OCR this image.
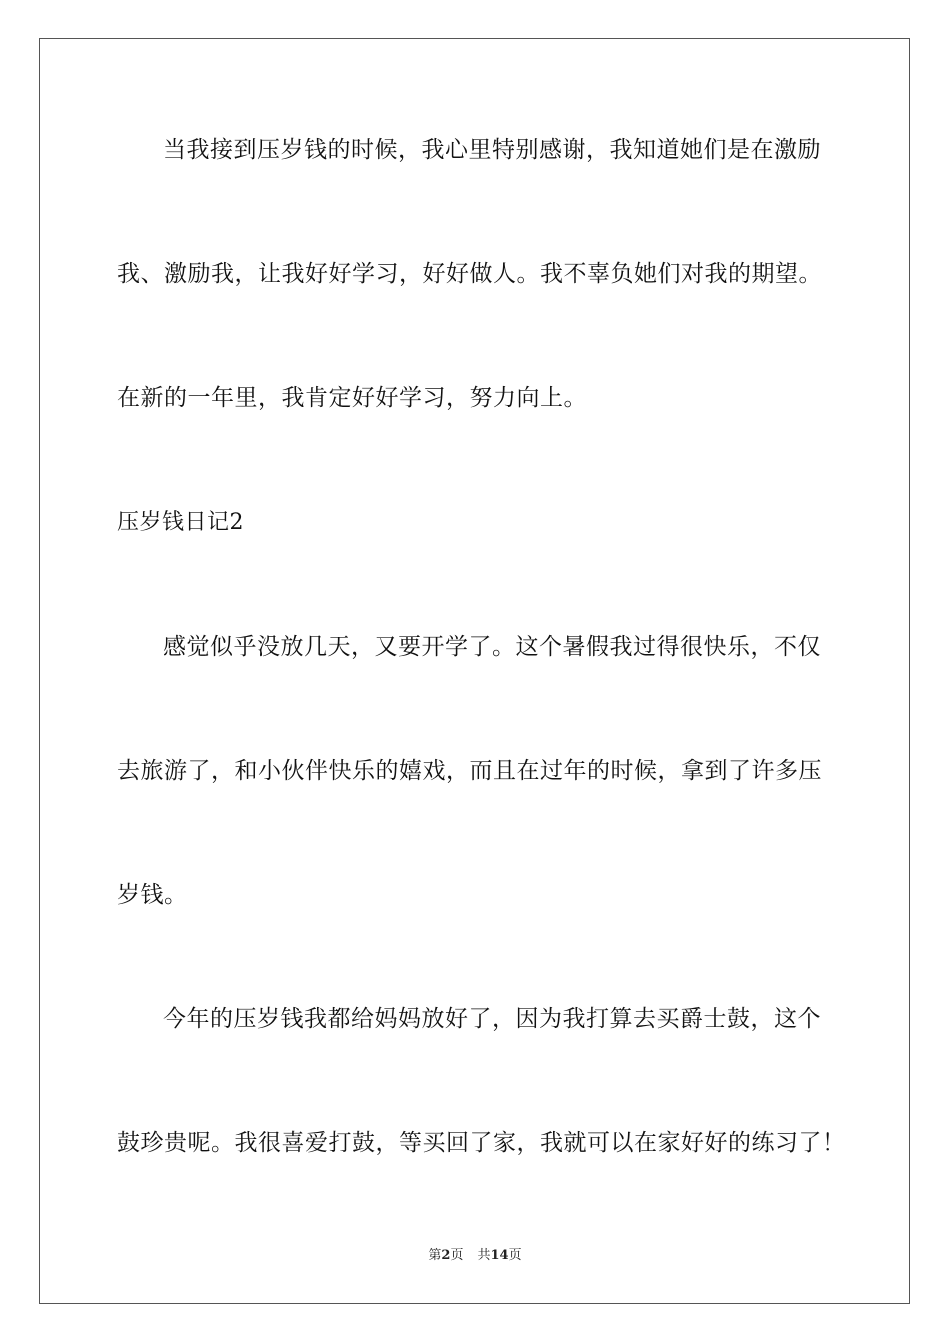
当我接到压岁钱的时候，我心里特别感谢，我知道她们是在激励
我、激励我，让我好好学习，好好做人。我不辜负她们对我的期望。
在新的一年里，我肯定好好学习，努力向上。
压岁钱日记2
感觉似乎没放几天，又要开学了。这个暑假我过得很快乐，不仅
去旅游了，和小伙伴快乐的嬉戏，而且在过年的时候，拿到了许多压
岁钱。
今年的压岁钱我都给妈妈放好了，因为我打算去买爵士鼓，这个
鼓珍贵呢。我很喜爱打鼓，等买回了家，我就可以在家好好的练习了！
第2页 共14页
